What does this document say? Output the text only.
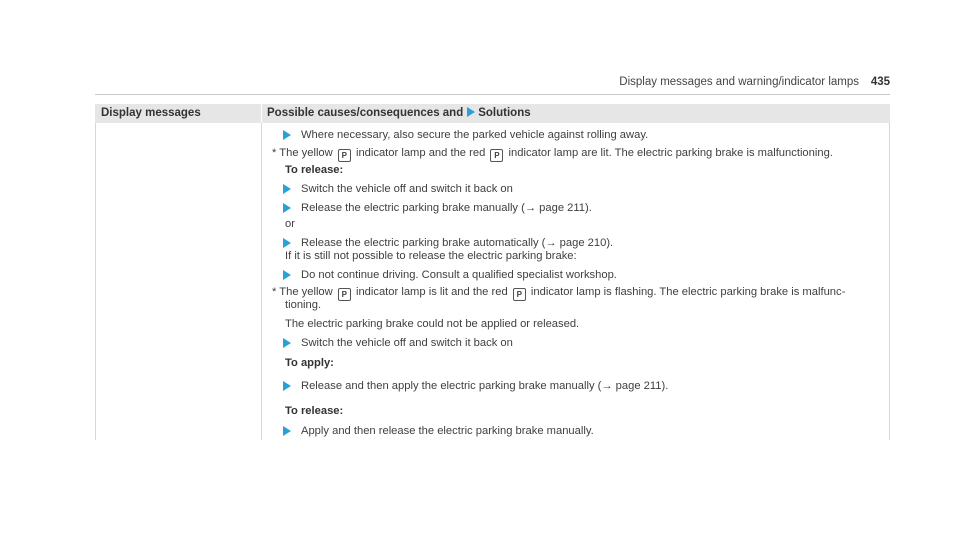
Display messages and warning/indicator lamps 435
Display messages	Possible causes/consequences and Solutions
Where necessary, also secure the parked vehicle against rolling away.
* The yellow P indicator lamp and the red P indicator lamp are lit. The electric parking brake is malfunctioning.
To release:
Switch the vehicle off and switch it back on
Release the electric parking brake manually (→ page 211).
or
Release the electric parking brake automatically (→ page 210).
If it is still not possible to release the electric parking brake:
Do not continue driving. Consult a qualified specialist workshop.
* The yellow P indicator lamp is lit and the red P indicator lamp is flashing. The electric parking brake is malfunc-
tioning.
The electric parking brake could not be applied or released.
Switch the vehicle off and switch it back on
To apply:
Release and then apply the electric parking brake manually (→ page 211).
To release:
Apply and then release the electric parking brake manually.
